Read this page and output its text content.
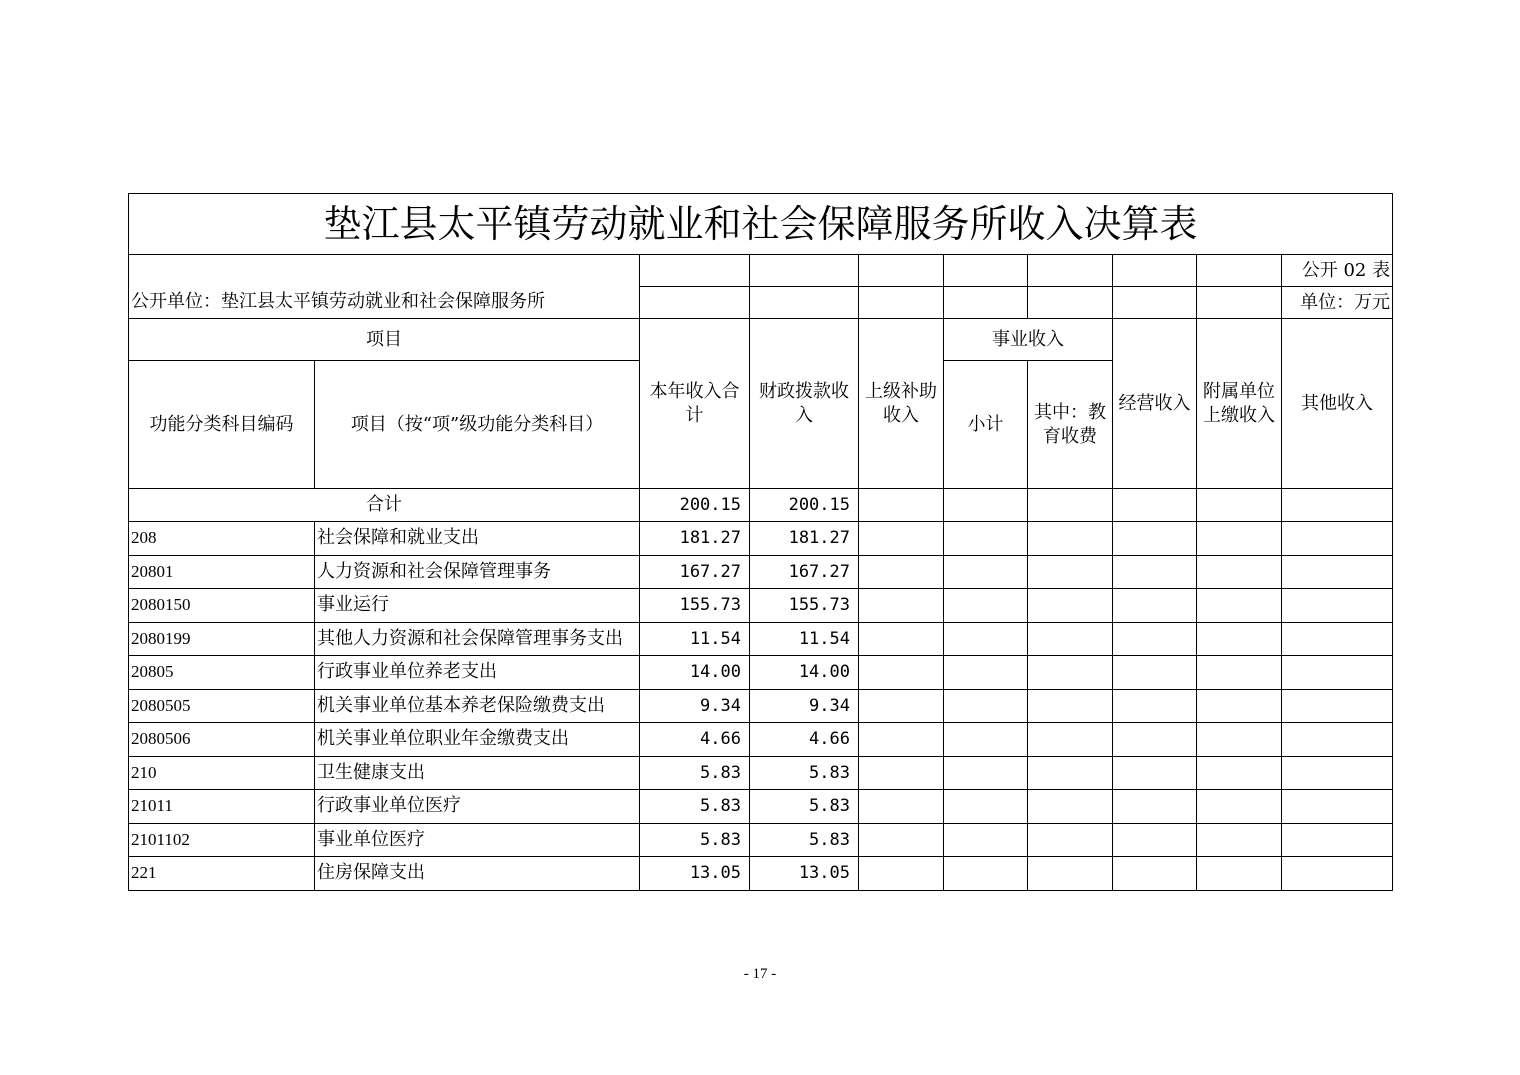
垫江县太平镇劳动就业和社会保障服务所收入决算表									
									公开 02 表
公开单位：垫江县太平镇劳动就业和社会保障服务所									单位：万元
项目		本年收入合计	财政拨款收入	上级补助收入	事业收入		经营收入	附属单位上缴收入	其他收入
功能分类科目编码	项目（按“项”级功能分类科目）				小计	其中：教育收费			
合计		200.15	200.15						
208	社会保障和就业支出	181.27	181.27						
20801	人力资源和社会保障管理事务	167.27	167.27						
2080150	事业运行	155.73	155.73						
2080199	其他人力资源和社会保障管理事务支出	11.54	11.54						
20805	行政事业单位养老支出	14.00	14.00						
2080505	机关事业单位基本养老保险缴费支出	9.34	9.34						
2080506	机关事业单位职业年金缴费支出	4.66	4.66						
210	卫生健康支出	5.83	5.83						
21011	行政事业单位医疗	5.83	5.83						
2101102	事业单位医疗	5.83	5.83						
221	住房保障支出	13.05	13.05						
- 17 -
